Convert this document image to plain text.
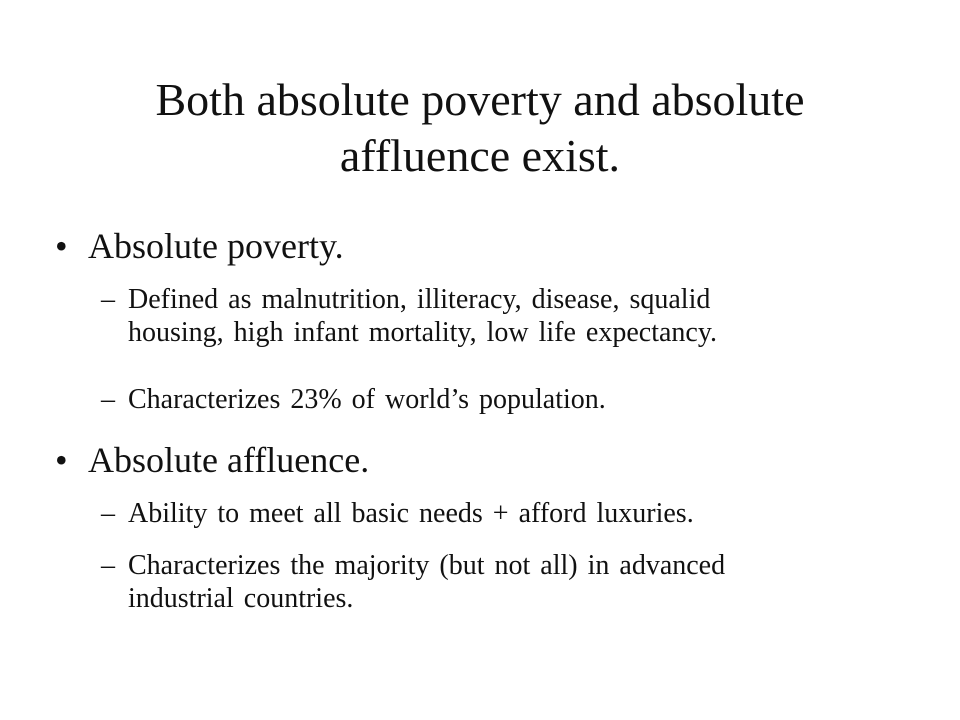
Both absolute poverty and absolute
affluence exist.
• Absolute poverty.
– Defined as malnutrition, illiteracy, disease, squalid
housing, high infant mortality, low life expectancy.
– Characterizes 23% of world’s population.
• Absolute affluence.
– Ability to meet all basic needs + afford luxuries.
– Characterizes the majority (but not all) in advanced
industrial countries.
